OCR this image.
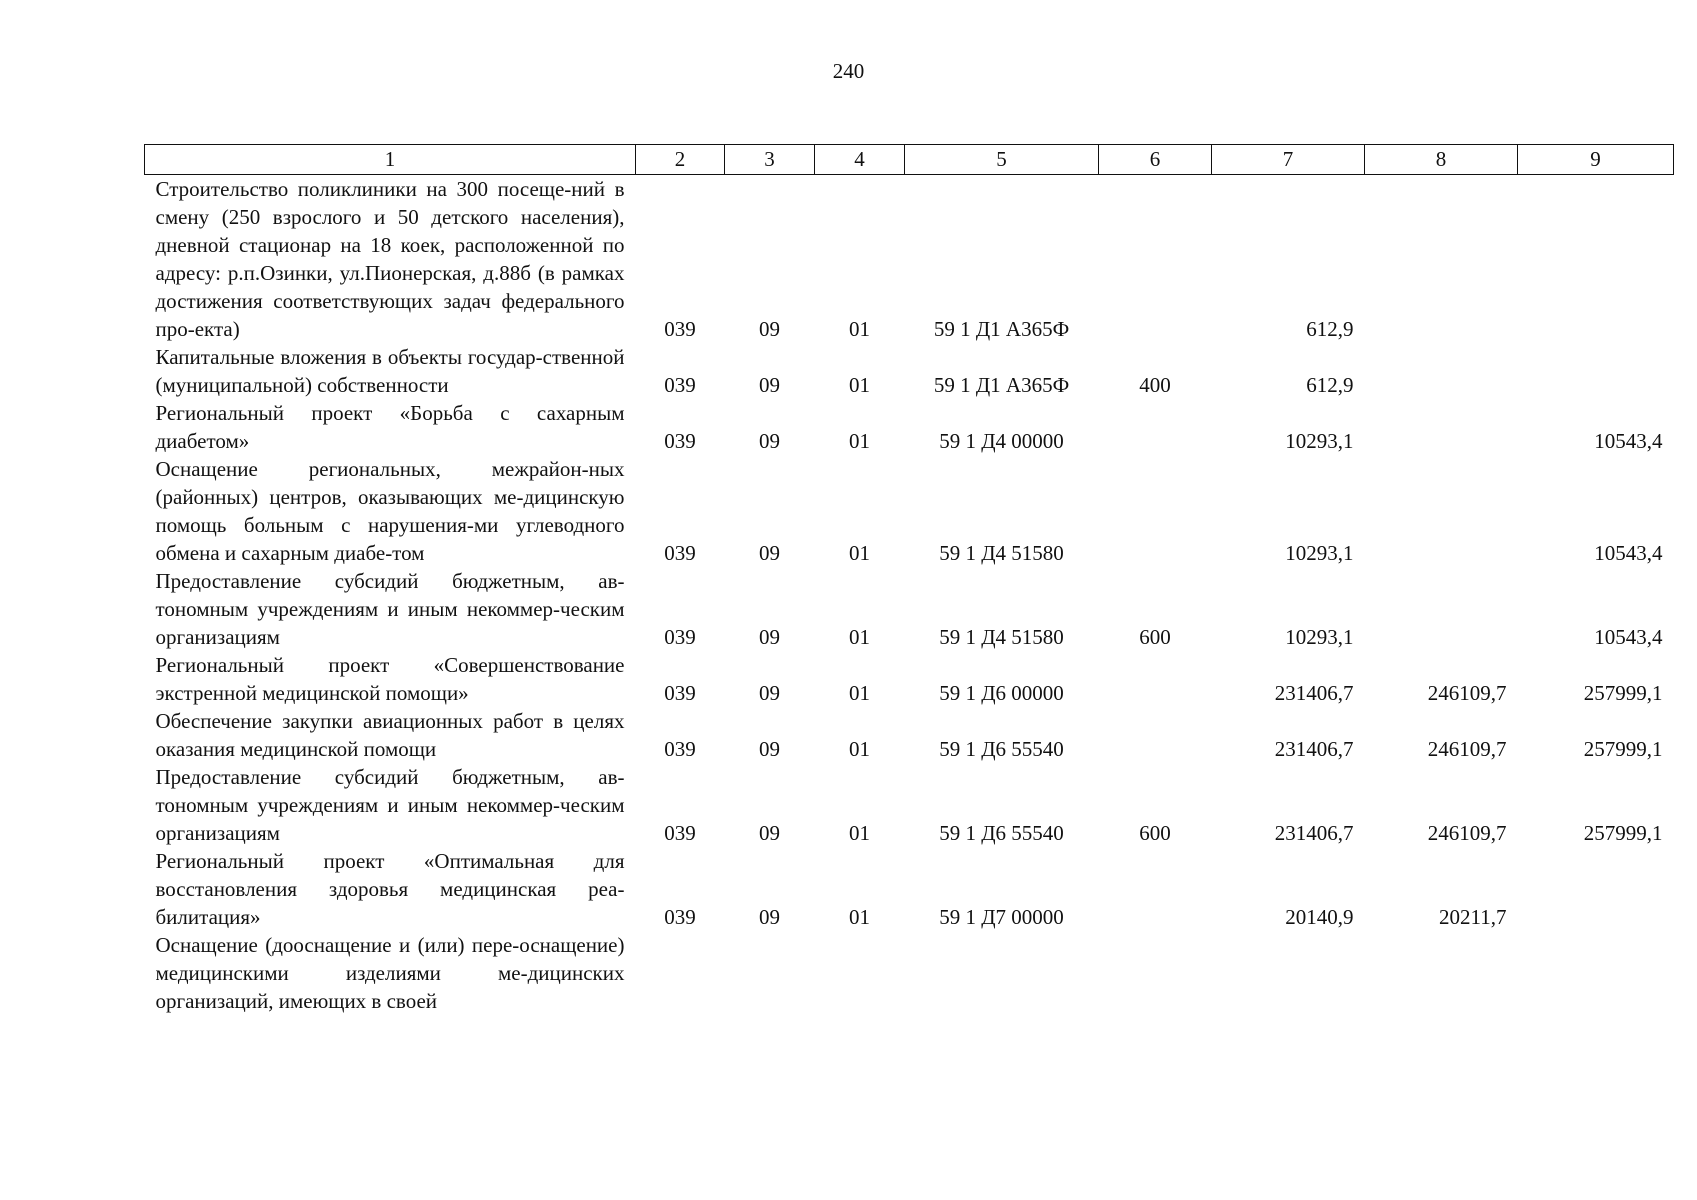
240
1	2	3	4	5	6	7	8	9
Строительство поликлиники на 300 посеще-ний в смену (250 взрослого и 50 детского населения), дневной стационар на 18 коек, расположенной по адресу: р.п.Озинки, ул.Пионерская, д.88б (в рамках достижения соответствующих задач федерального про-екта)	039	09	01	59 1 Д1 А365Ф		612,9		
Капитальные вложения в объекты государ-ственной (муниципальной) собственности	039	09	01	59 1 Д1 А365Ф	400	612,9		
Региональный проект «Борьба с сахарным диабетом»	039	09	01	59 1 Д4 00000		10293,1		10543,4
Оснащение региональных, межрайон-ных (районных) центров, оказывающих ме-дицинскую помощь больным с нарушения-ми углеводного обмена и сахарным диабе-том	039	09	01	59 1 Д4 51580		10293,1		10543,4
Предоставление субсидий бюджетным, ав-тономным учреждениям и иным некоммер-ческим организациям	039	09	01	59 1 Д4 51580	600	10293,1		10543,4
Региональный проект «Совершенствование экстренной медицинской помощи»	039	09	01	59 1 Д6 00000		231406,7	246109,7	257999,1
Обеспечение закупки авиационных работ в целях оказания медицинской помощи	039	09	01	59 1 Д6 55540		231406,7	246109,7	257999,1
Предоставление субсидий бюджетным, ав-тономным учреждениям и иным некоммер-ческим организациям	039	09	01	59 1 Д6 55540	600	231406,7	246109,7	257999,1
Региональный проект «Оптимальная для восстановления здоровья медицинская реа-билитация»	039	09	01	59 1 Д7 00000		20140,9	20211,7	
Оснащение (дооснащение и (или) пере-оснащение) медицинскими изделиями ме-дицинских организаций, имеющих в своей								
